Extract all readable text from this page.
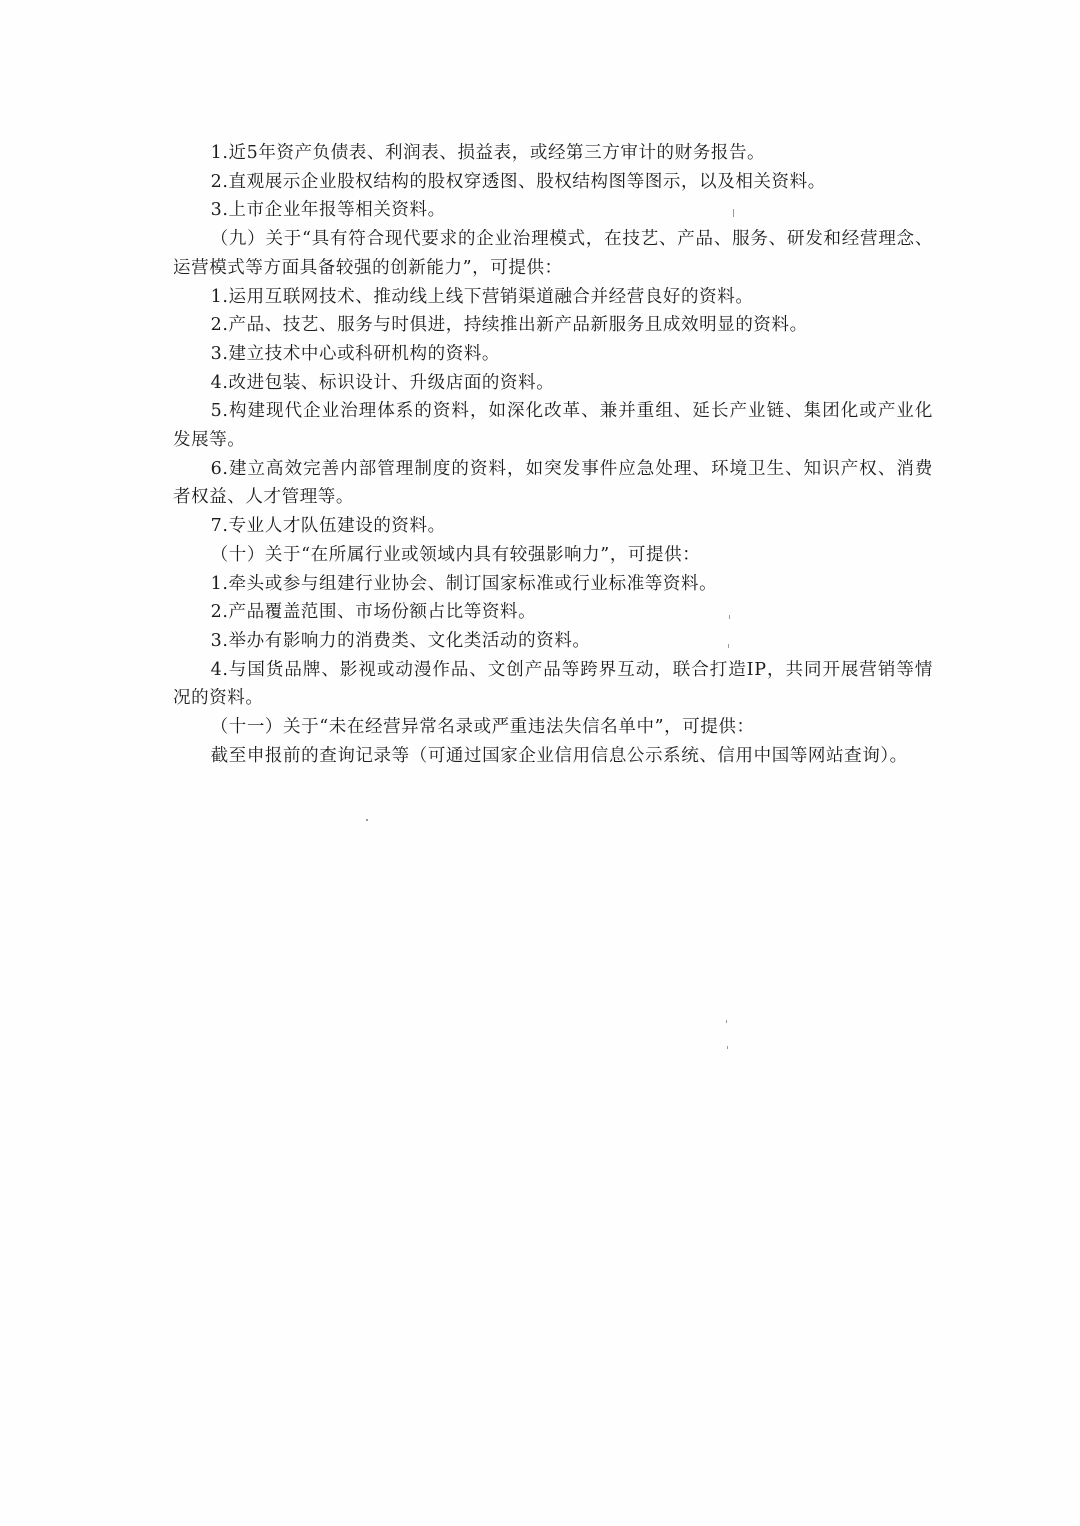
1.近5年资产负债表、利润表、损益表，或经第三方审计的财务报告。

2.直观展示企业股权结构的股权穿透图、股权结构图等图示，以及相关资料。

3.上市企业年报等相关资料。

（九）关于“具有符合现代要求的企业治理模式，在技艺、产品、服务、研发和经营理念、运营模式等方面具备较强的创新能力”，可提供：

1.运用互联网技术、推动线上线下营销渠道融合并经营良好的资料。

2.产品、技艺、服务与时俱进，持续推出新产品新服务且成效明显的资料。

3.建立技术中心或科研机构的资料。

4.改进包装、标识设计、升级店面的资料。

5.构建现代企业治理体系的资料，如深化改革、兼并重组、延长产业链、集团化或产业化发展等。

6.建立高效完善内部管理制度的资料，如突发事件应急处理、环境卫生、知识产权、消费者权益、人才管理等。

7.专业人才队伍建设的资料。

（十）关于“在所属行业或领域内具有较强影响力”，可提供：

1.牵头或参与组建行业协会、制订国家标准或行业标准等资料。

2.产品覆盖范围、市场份额占比等资料。

3.举办有影响力的消费类、文化类活动的资料。

4.与国货品牌、影视或动漫作品、文创产品等跨界互动，联合打造IP，共同开展营销等情况的资料。

（十一）关于“未在经营异常名录或严重违法失信名单中”，可提供：

截至申报前的查询记录等（可通过国家企业信用信息公示系统、信用中国等网站查询）。
